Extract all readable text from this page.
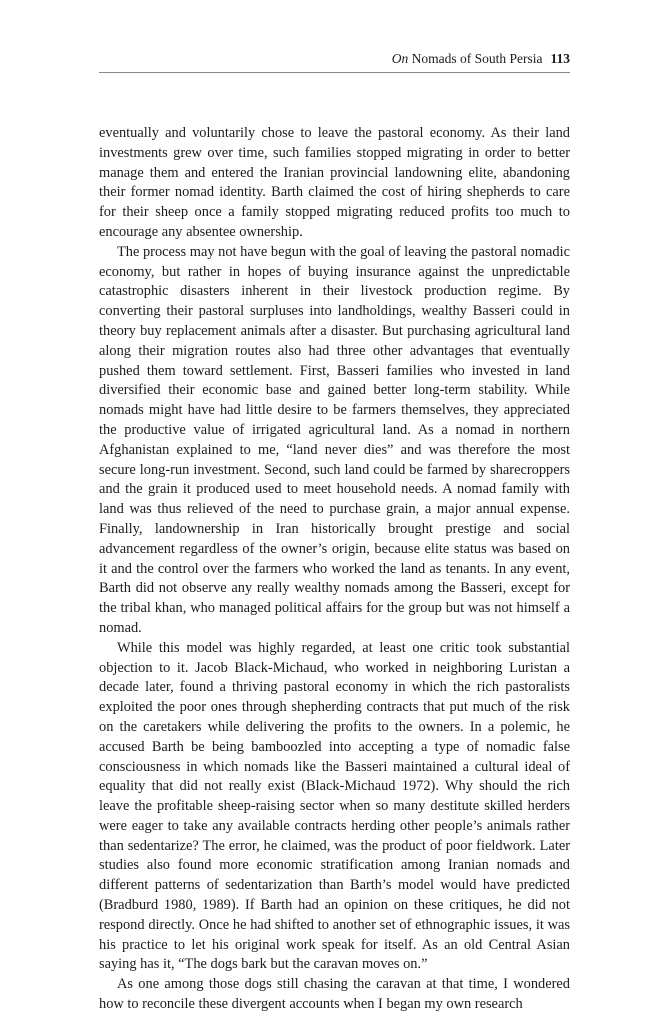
On Nomads of South Persia 113

eventually and voluntarily chose to leave the pastoral economy. As their land investments grew over time, such families stopped migrating in order to better manage them and entered the Iranian provincial landowning elite, abandoning their former nomad identity. Barth claimed the cost of hiring shepherds to care for their sheep once a family stopped migrating reduced profits too much to encourage any absentee ownership.

The process may not have begun with the goal of leaving the pastoral nomadic economy, but rather in hopes of buying insurance against the unpredictable catastrophic disasters inherent in their livestock production regime. By converting their pastoral surpluses into landholdings, wealthy Basseri could in theory buy replacement animals after a disaster. But purchasing agricultural land along their migration routes also had three other advantages that eventually pushed them toward settlement. First, Basseri families who invested in land diversified their economic base and gained better long-term stability. While nomads might have had little desire to be farmers themselves, they appreciated the productive value of irrigated agricultural land. As a nomad in northern Afghanistan explained to me, “land never dies” and was therefore the most secure long-run investment. Second, such land could be farmed by sharecroppers and the grain it produced used to meet household needs. A nomad family with land was thus relieved of the need to purchase grain, a major annual expense. Finally, landownership in Iran historically brought prestige and social advancement regardless of the owner’s origin, because elite status was based on it and the control over the farmers who worked the land as tenants. In any event, Barth did not observe any really wealthy nomads among the Basseri, except for the tribal khan, who managed political affairs for the group but was not himself a nomad.

While this model was highly regarded, at least one critic took substantial objection to it. Jacob Black-Michaud, who worked in neighboring Luristan a decade later, found a thriving pastoral economy in which the rich pastoralists exploited the poor ones through shepherding contracts that put much of the risk on the caretakers while delivering the profits to the owners. In a polemic, he accused Barth be being bamboozled into accepting a type of nomadic false consciousness in which nomads like the Basseri maintained a cultural ideal of equality that did not really exist (Black-Michaud 1972). Why should the rich leave the profitable sheep-raising sector when so many destitute skilled herders were eager to take any available contracts herding other people’s animals rather than sedentarize? The error, he claimed, was the product of poor fieldwork. Later studies also found more economic stratification among Iranian nomads and different patterns of sedentarization than Barth’s model would have predicted (Bradburd 1980, 1989). If Barth had an opinion on these critiques, he did not respond directly. Once he had shifted to another set of ethnographic issues, it was his practice to let his original work speak for itself. As an old Central Asian saying has it, “The dogs bark but the caravan moves on.”

As one among those dogs still chasing the caravan at that time, I wondered how to reconcile these divergent accounts when I began my own research
